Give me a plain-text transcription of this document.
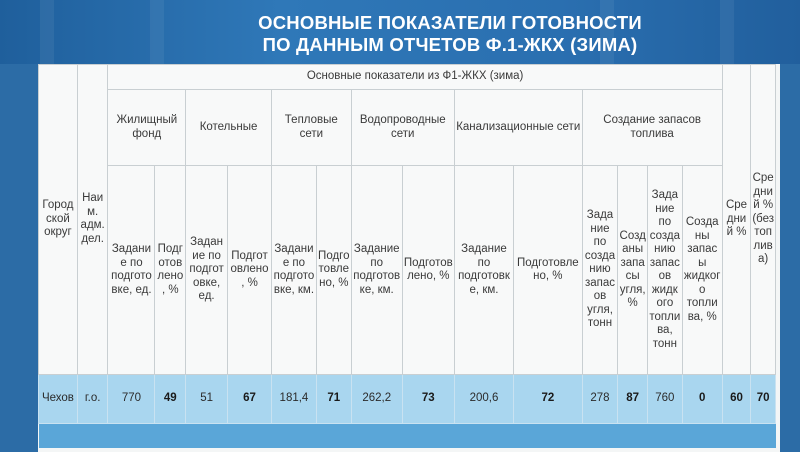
ОСНОВНЫЕ ПОКАЗАТЕЛИ ГОТОВНОСТИ
ПО ДАННЫМ ОТЧЕТОВ Ф.1-ЖКХ (ЗИМА)
Городской округ	Наим. адм. дел.	Основные показатели из Ф1-ЖКХ (зима)														Средний %	Средний % (без топлива)
		Жилищный фонд		Котельные		Тепловые сети		Водопроводные сети		Канализационные сети		Создание запасов топлива					
		Задание по подготовке, ед.	Подготовлено, %	Задание по подготовке, ед.	Подготовлено, %	Задание по подготовке, км.	Подготовлено, %	Задание по подготовке, км.	Подготовлено, %	Задание по подготовке, км.	Подготовлено, %	Задание по созданию запасов угля, тонн	Созданы запасы угля, %	Задание по созданию запасов жидкого топлива, тонн	Созданы запасы жидкого топлива, %		
Чехов	г.о.	770	49	51	67	181,4	71	262,2	73	200,6	72	278	87	760	0	60	70
